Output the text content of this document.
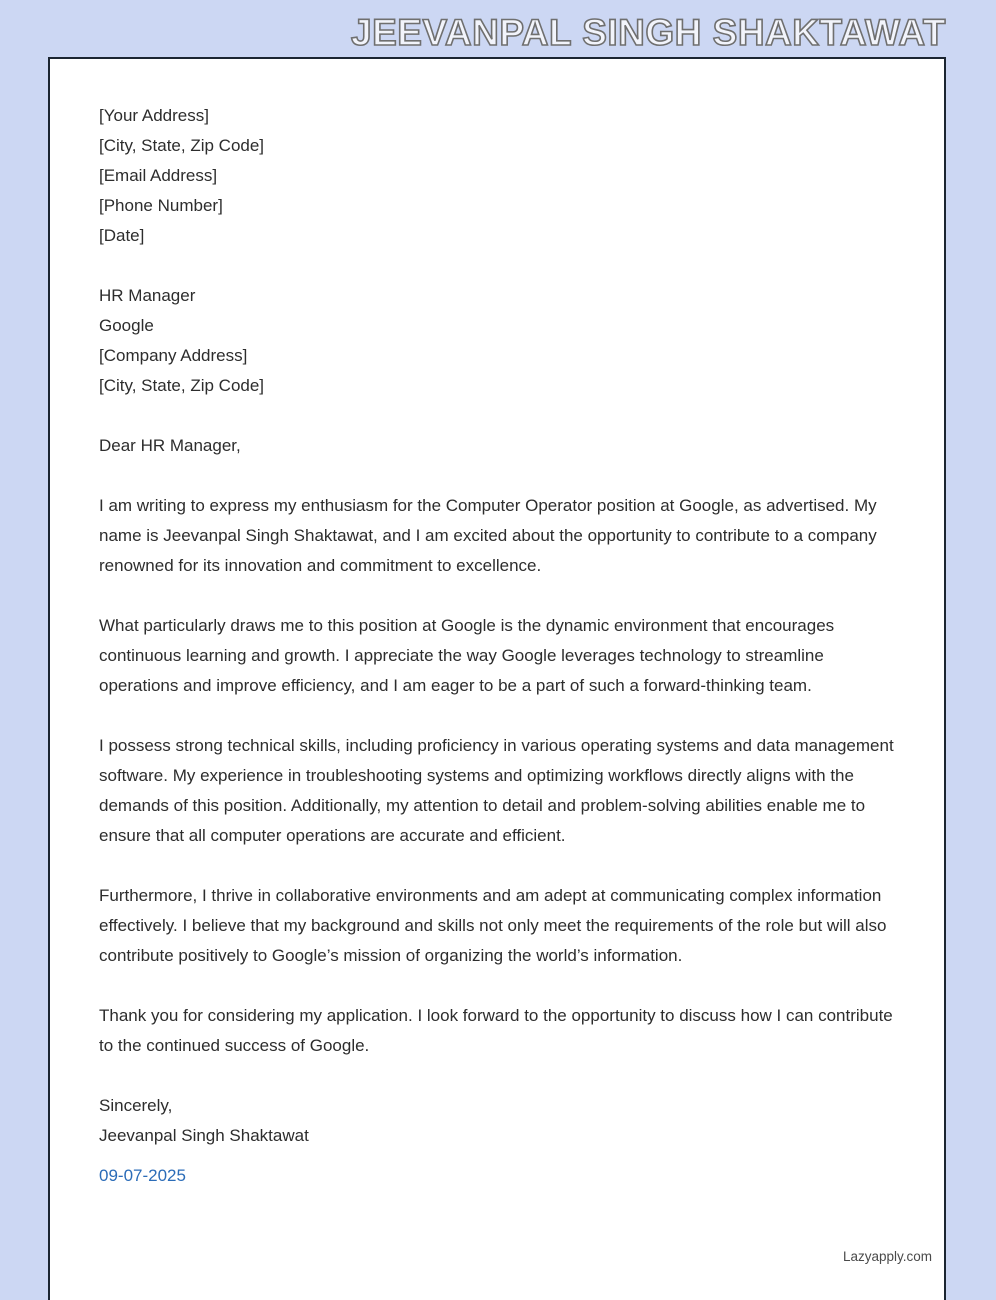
JEEVANPAL SINGH SHAKTAWAT
[Your Address]
[City, State, Zip Code]
[Email Address]
[Phone Number]
[Date]
HR Manager
Google
[Company Address]
[City, State, Zip Code]
Dear HR Manager,

I am writing to express my enthusiasm for the Computer Operator position at Google, as advertised. My name is Jeevanpal Singh Shaktawat, and I am excited about the opportunity to contribute to a company renowned for its innovation and commitment to excellence.

What particularly draws me to this position at Google is the dynamic environment that encourages continuous learning and growth. I appreciate the way Google leverages technology to streamline operations and improve efficiency, and I am eager to be a part of such a forward-thinking team.

I possess strong technical skills, including proficiency in various operating systems and data management software. My experience in troubleshooting systems and optimizing workflows directly aligns with the demands of this position. Additionally, my attention to detail and problem-solving abilities enable me to ensure that all computer operations are accurate and efficient.

Furthermore, I thrive in collaborative environments and am adept at communicating complex information effectively. I believe that my background and skills not only meet the requirements of the role but will also contribute positively to Google’s mission of organizing the world’s information.

Thank you for considering my application. I look forward to the opportunity to discuss how I can contribute to the continued success of Google.

Sincerely,
Jeevanpal Singh Shaktawat
09-07-2025
Lazyapply.com
